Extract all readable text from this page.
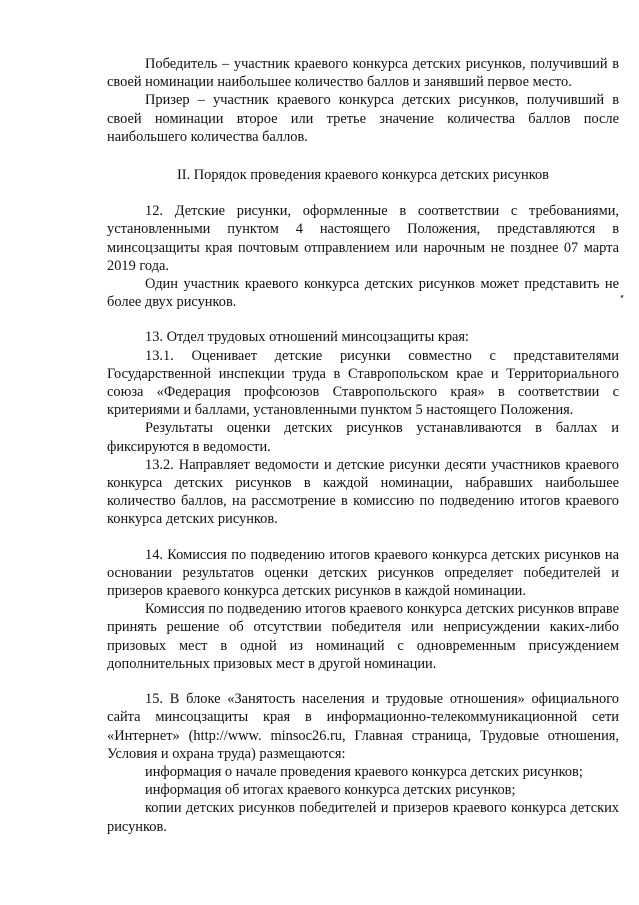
Победитель – участник краевого конкурса детских рисунков, получивший в своей номинации наибольшее количество баллов и занявший первое место.

Призер – участник краевого конкурса детских рисунков, получивший в своей номинации второе или третье значение количества баллов после наибольшего количества баллов.

II. Порядок проведения краевого конкурса детских рисунков

12. Детские рисунки, оформленные в соответствии с требованиями, установленными пунктом 4 настоящего Положения, представляются в минсоцзащиты края почтовым отправлением или нарочным не позднее 07 марта 2019 года.

Один участник краевого конкурса детских рисунков может представить не более двух рисунков.

13. Отдел трудовых отношений минсоцзащиты края:

13.1. Оценивает детские рисунки совместно с представителями Государственной инспекции труда в Ставропольском крае и Территориального союза «Федерация профсоюзов Ставропольского края» в соответствии с критериями и баллами, установленными пунктом 5 настоящего Положения.

Результаты оценки детских рисунков устанавливаются в баллах и фиксируются в ведомости.

13.2. Направляет ведомости и детские рисунки десяти участников краевого конкурса детских рисунков в каждой номинации, набравших наибольшее количество баллов, на рассмотрение в комиссию по подведению итогов краевого конкурса детских рисунков.

14. Комиссия по подведению итогов краевого конкурса детских рисунков на основании результатов оценки детских рисунков определяет победителей и призеров краевого конкурса детских рисунков в каждой номинации.

Комиссия по подведению итогов краевого конкурса детских рисунков вправе принять решение об отсутствии победителя или неприсуждении каких-либо призовых мест в одной из номинаций с одновременным присуждением дополнительных призовых мест в другой номинации.

15. В блоке «Занятость населения и трудовые отношения» официального сайта минсоцзащиты края в информационно-телекоммуникационной сети «Интернет» (http://www. minsoc26.ru, Главная страница, Трудовые отношения, Условия и охрана труда) размещаются:

информация о начале проведения краевого конкурса детских рисунков;

информация об итогах краевого конкурса детских рисунков;

копии детских рисунков победителей и призеров краевого конкурса детских рисунков.
